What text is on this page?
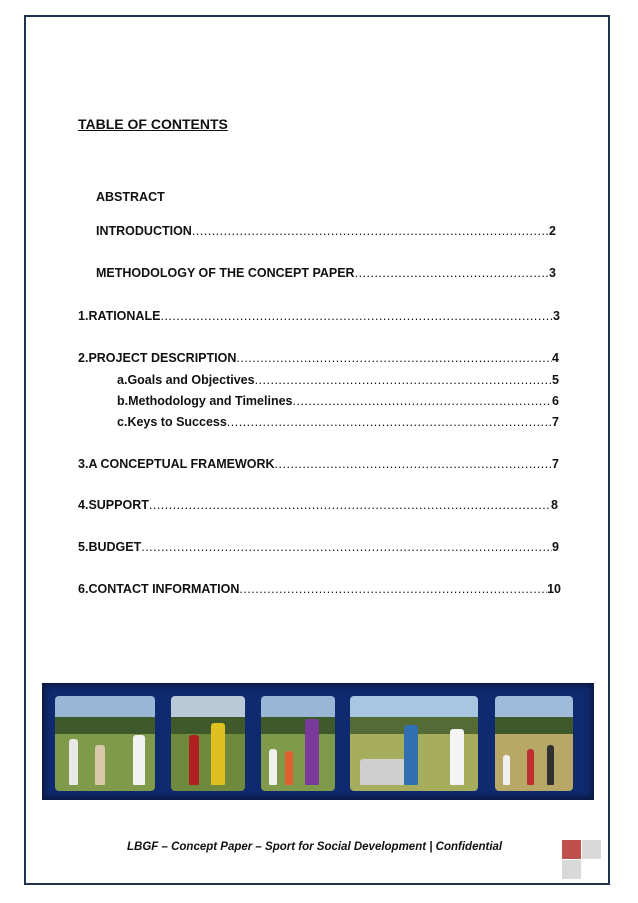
TABLE OF CONTENTS
ABSTRACT
INTRODUCTION .....	2
METHODOLOGY OF THE CONCEPT PAPER .....	3
1. RATIONALE .....	3
2. PROJECT DESCRIPTION .....	4
a. Goals and Objectives .....	5
b. Methodology and Timelines .....	6
c. Keys to Success .....	7
3. A CONCEPTUAL FRAMEWORK .....	7
4. SUPPORT .....	8
5. BUDGET .....	9
6. CONTACT INFORMATION .....	10
LBGF – Concept Paper – Sport for Social Development | Confidential
